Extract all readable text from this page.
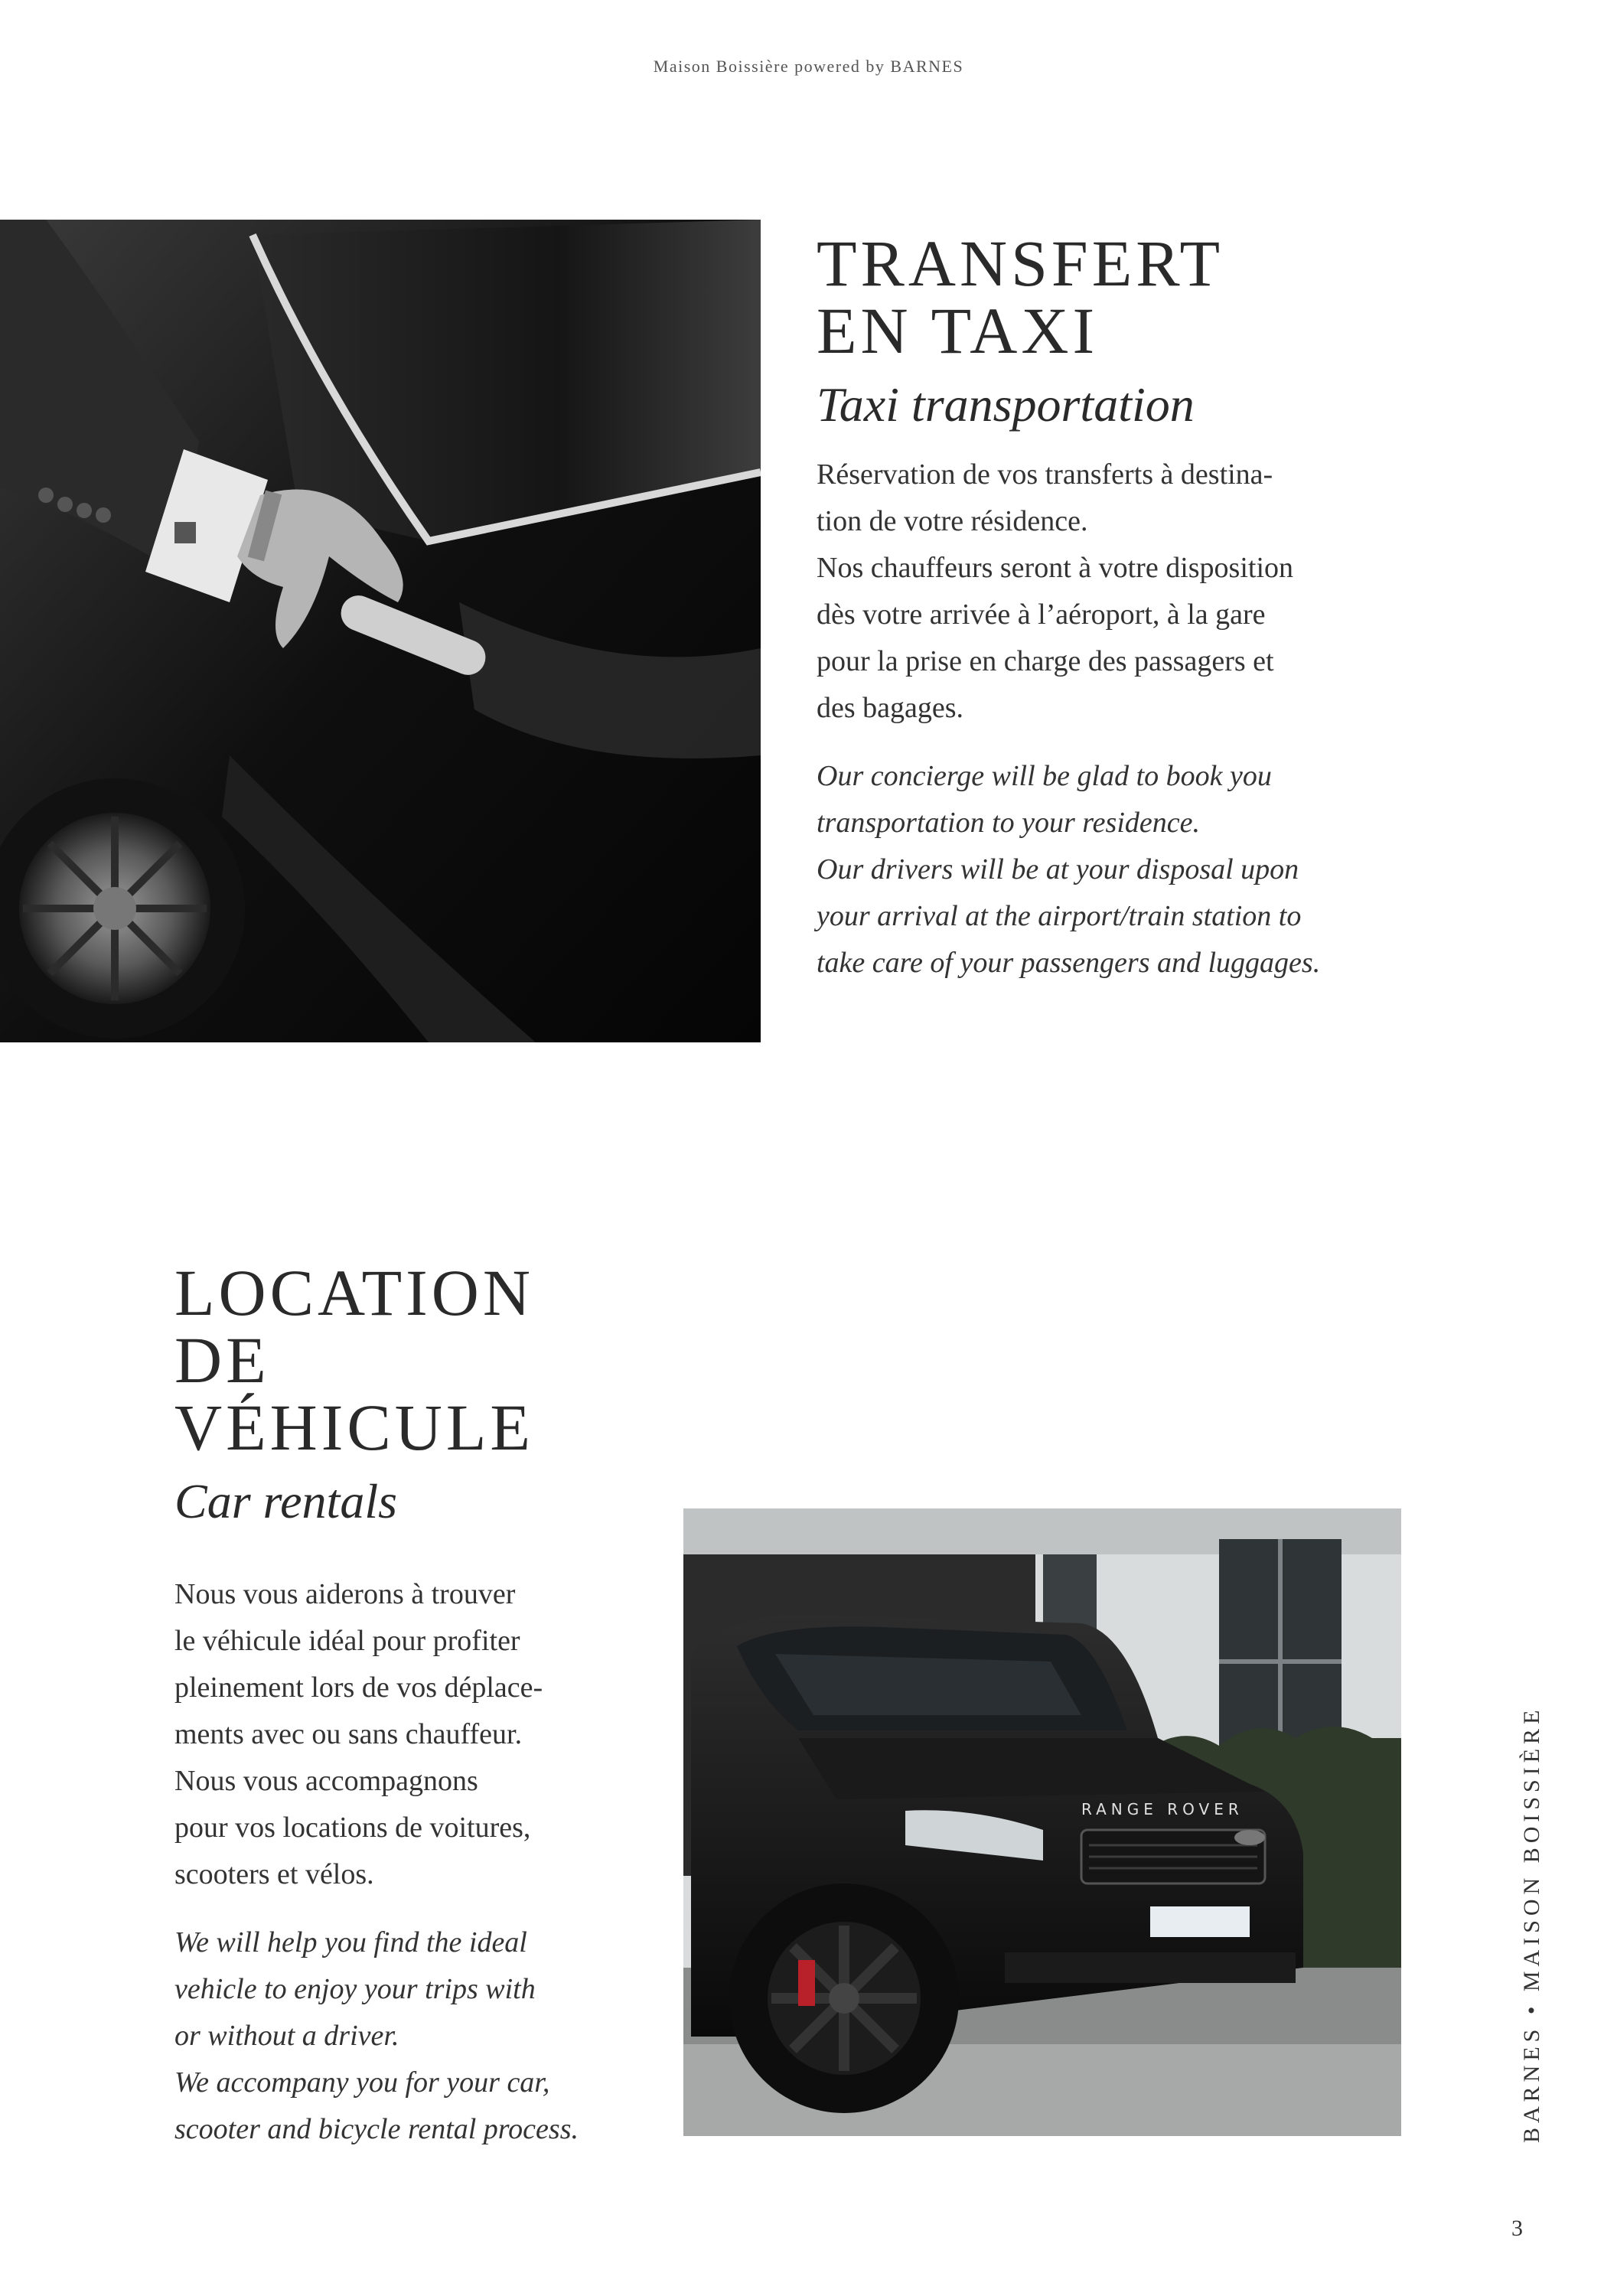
Maison Boissière powered by BARNES
TRANSFERT
EN TAXI
Taxi transportation

Réservation de vos transferts à destina-
tion de votre résidence.
Nos chauffeurs seront à votre disposition
dès votre arrivée à l’aéroport, à la gare
pour la prise en charge des passagers et
des bagages.

Our concierge will be glad to book you
transportation to your residence.
Our drivers will be at your disposal upon
your arrival at the airport/train station to
take care of your passengers and luggages.

LOCATION
DE VÉHICULE
Car rentals

Nous vous aiderons à trouver
le véhicule idéal pour profiter
pleinement lors de vos déplace-
ments avec ou sans chauffeur.
Nous vous accompagnons
pour vos locations de voitures,
scooters et vélos.

We will help you find the ideal
vehicle to enjoy your trips with
or without a driver.
We accompany you for your car,
scooter and bicycle rental process.

RANGE ROVER	BARNES • MAISON BOISSIÈRE
3
